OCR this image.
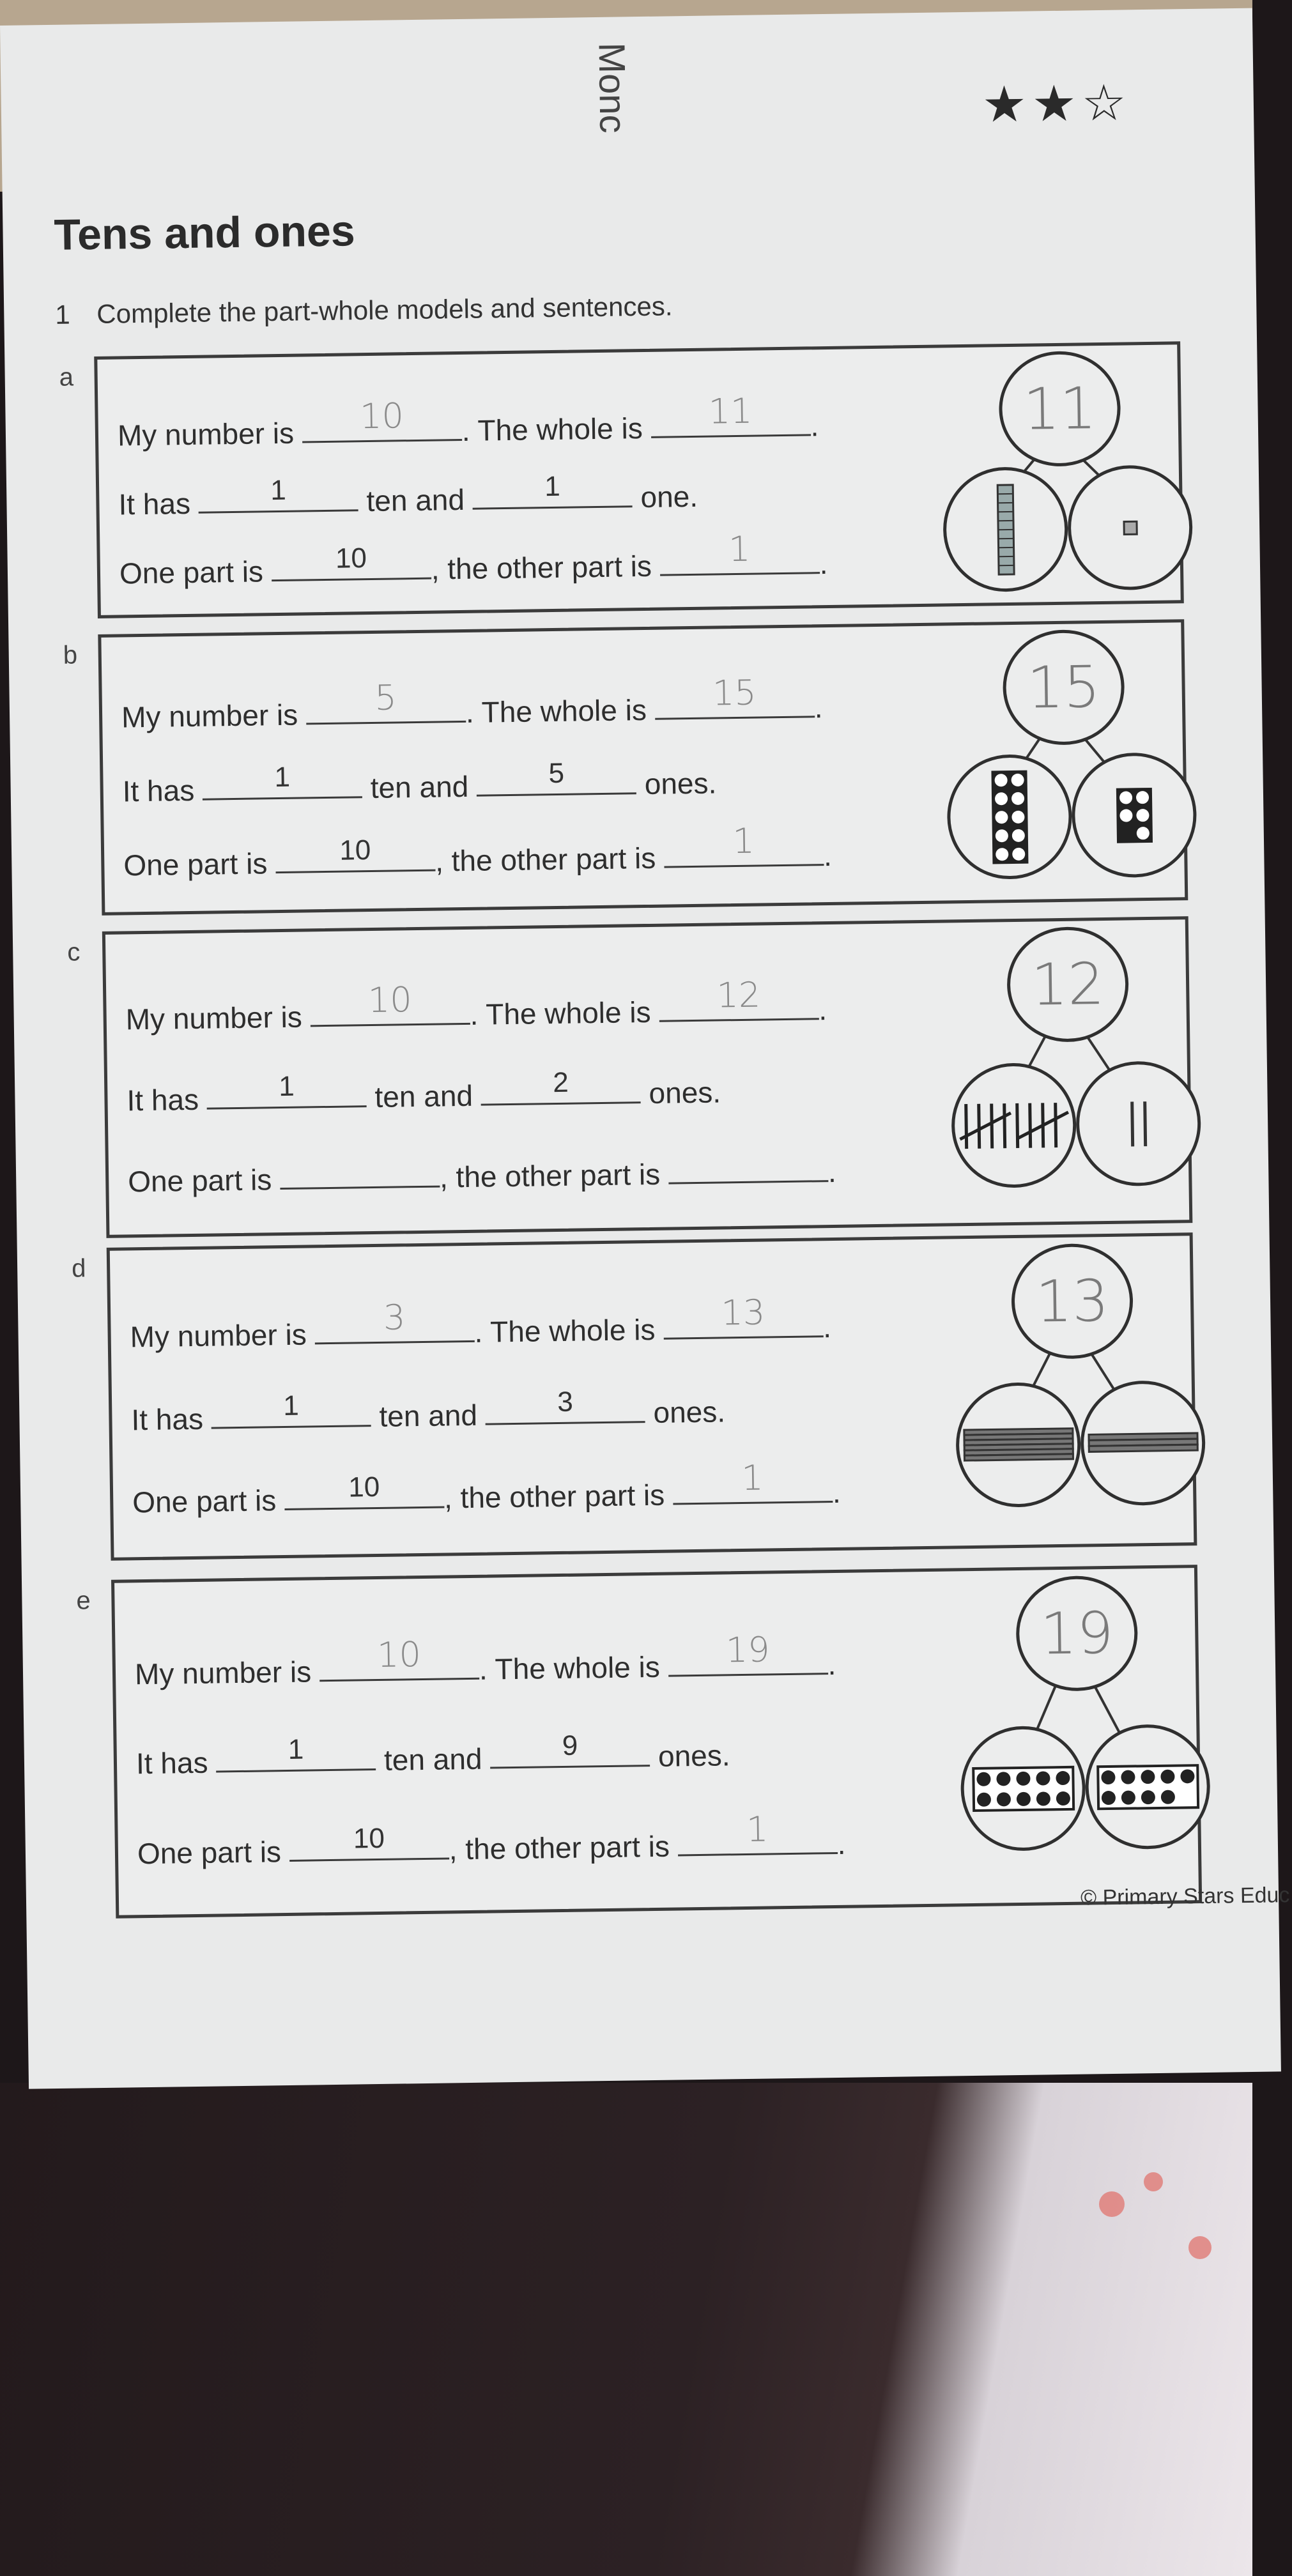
Monc	★★☆
Tens and ones
1 Complete the part-whole models and sentences.
a
My number is	10	. The whole is	11	.
It has	1	ten and	1	one.
One part is	10	, the other part is	1	.
11
b
My number is	5	. The whole is	15	.
It has	1	ten and	5	ones.
One part is	10	, the other part is	1	.
15
c
My number is	10	. The whole is	12	.
It has	1	ten and	2	ones.
One part is	, the other part is	.
12
d
My number is	3	. The whole is	13	.
It has	1	ten and	3	ones.
One part is	10	, the other part is	1	.
13
e
My number is	10	. The whole is	19	.
It has	1	ten and	9	ones.
One part is	10	, the other part is	1	.
19
© Primary Stars Educ
